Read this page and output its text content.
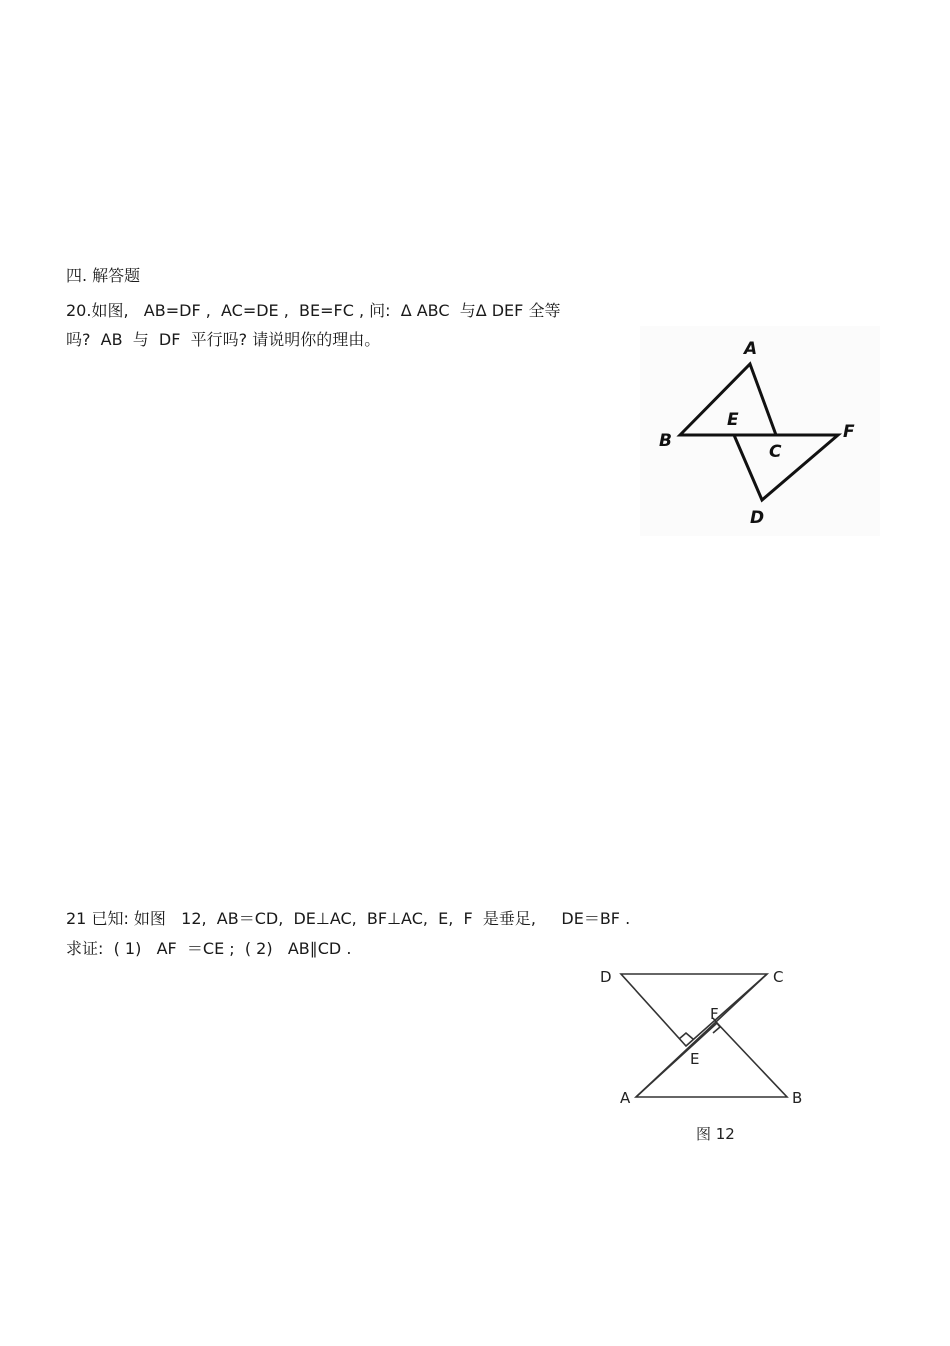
四. 解答题
20.如图,   AB=DF ,  AC=DE ,  BE=FC , 问:  Δ ABC  与Δ DEF 全等
吗?  AB  与  DF  平行吗? 请说明你的理由。	A
B
E
C
F
D
21 已知: 如图   12,  AB＝CD,  DE⊥AC,  BF⊥AC,  E,  F  是垂足,     DE＝BF .
求证:  ( 1)   AF  ＝CE ;  ( 2)   AB∥CD .
D	C
F
E
A	B
图 12
